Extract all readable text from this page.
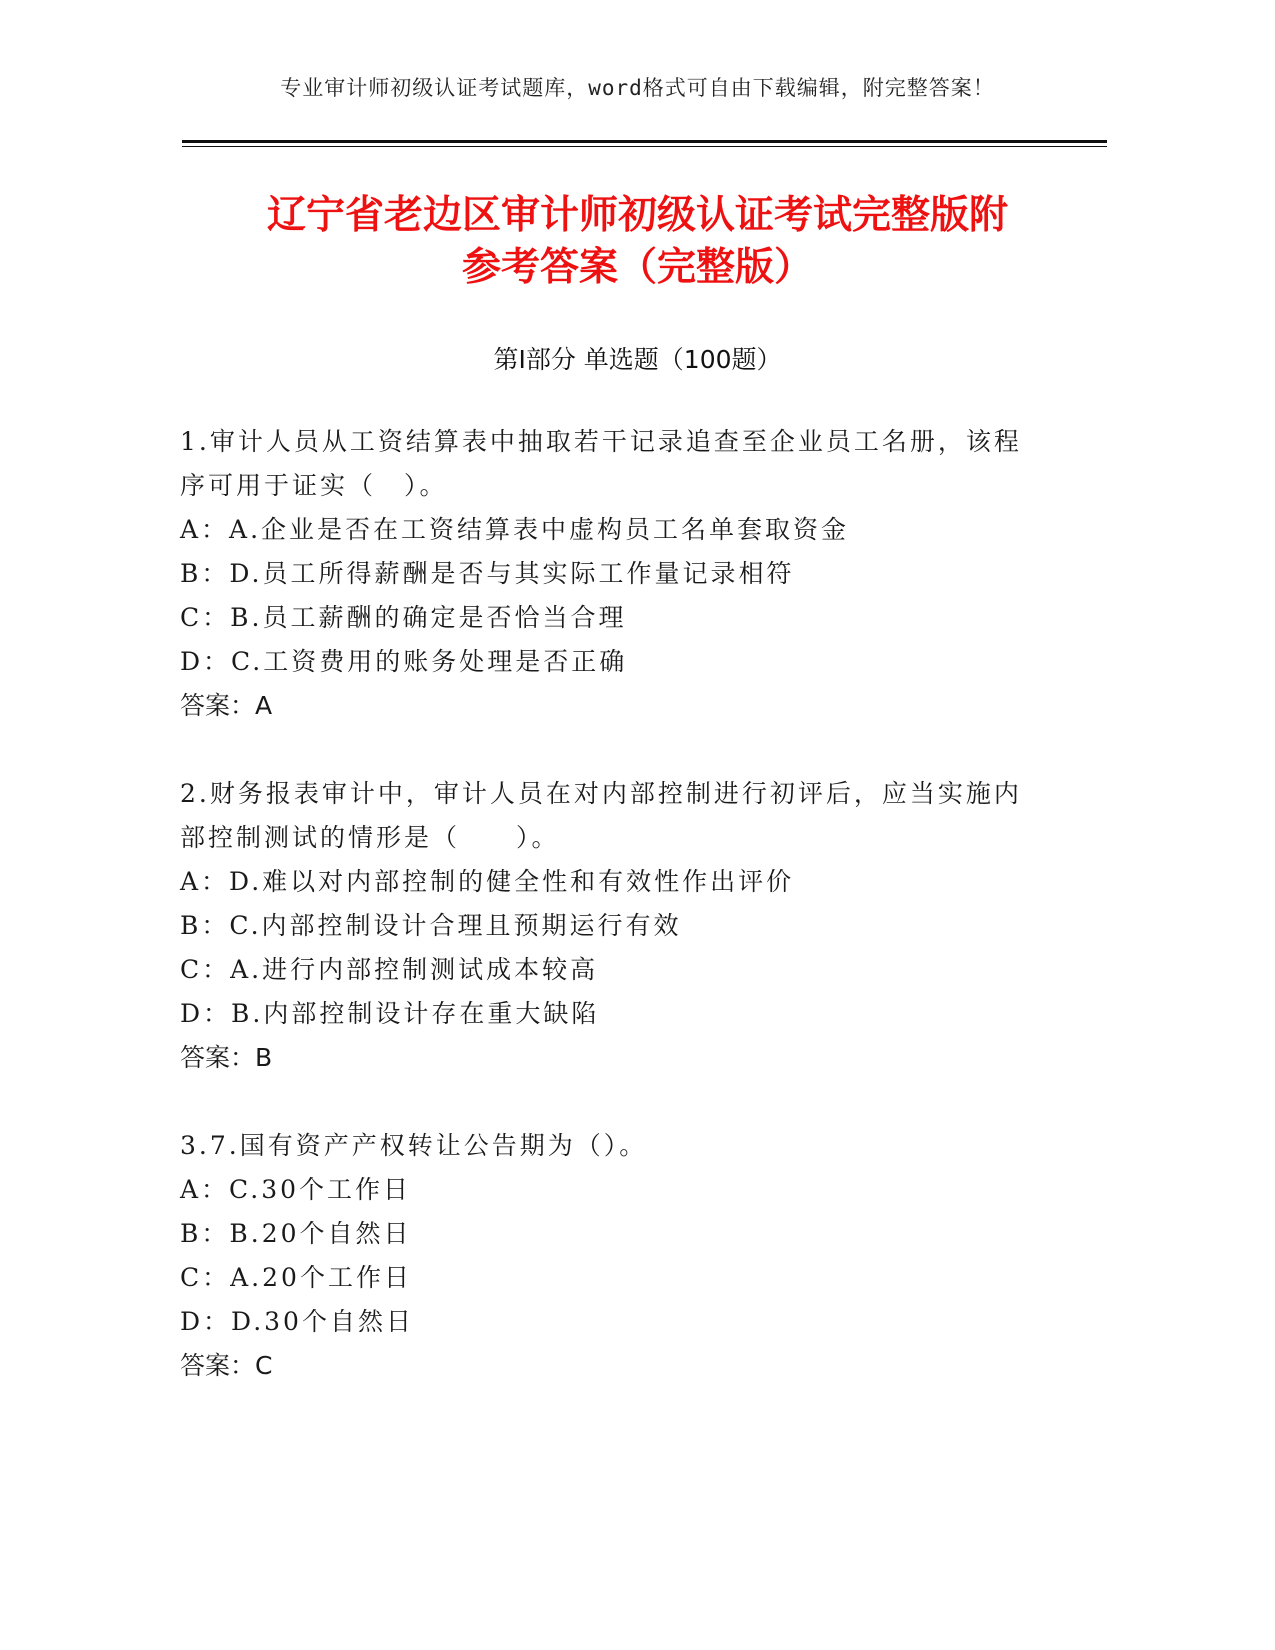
专业审计师初级认证考试题库，word格式可自由下载编辑，附完整答案！
辽宁省老边区审计师初级认证考试完整版附
参考答案（完整版）
第I部分 单选题（100题）

1.审计人员从工资结算表中抽取若干记录追查至企业员工名册，该程
序可用于证实（　）。

A：A.企业是否在工资结算表中虚构员工名单套取资金

B：D.员工所得薪酬是否与其实际工作量记录相符

C：B.员工薪酬的确定是否恰当合理

D：C.工资费用的账务处理是否正确

答案：A

2.财务报表审计中，审计人员在对内部控制进行初评后，应当实施内
部控制测试的情形是（　　）。

A：D.难以对内部控制的健全性和有效性作出评价

B：C.内部控制设计合理且预期运行有效

C：A.进行内部控制测试成本较高

D：B.内部控制设计存在重大缺陷

答案：B

3.7.国有资产产权转让公告期为（）。

A：C.30个工作日

B：B.20个自然日

C：A.20个工作日

D：D.30个自然日

答案：C
